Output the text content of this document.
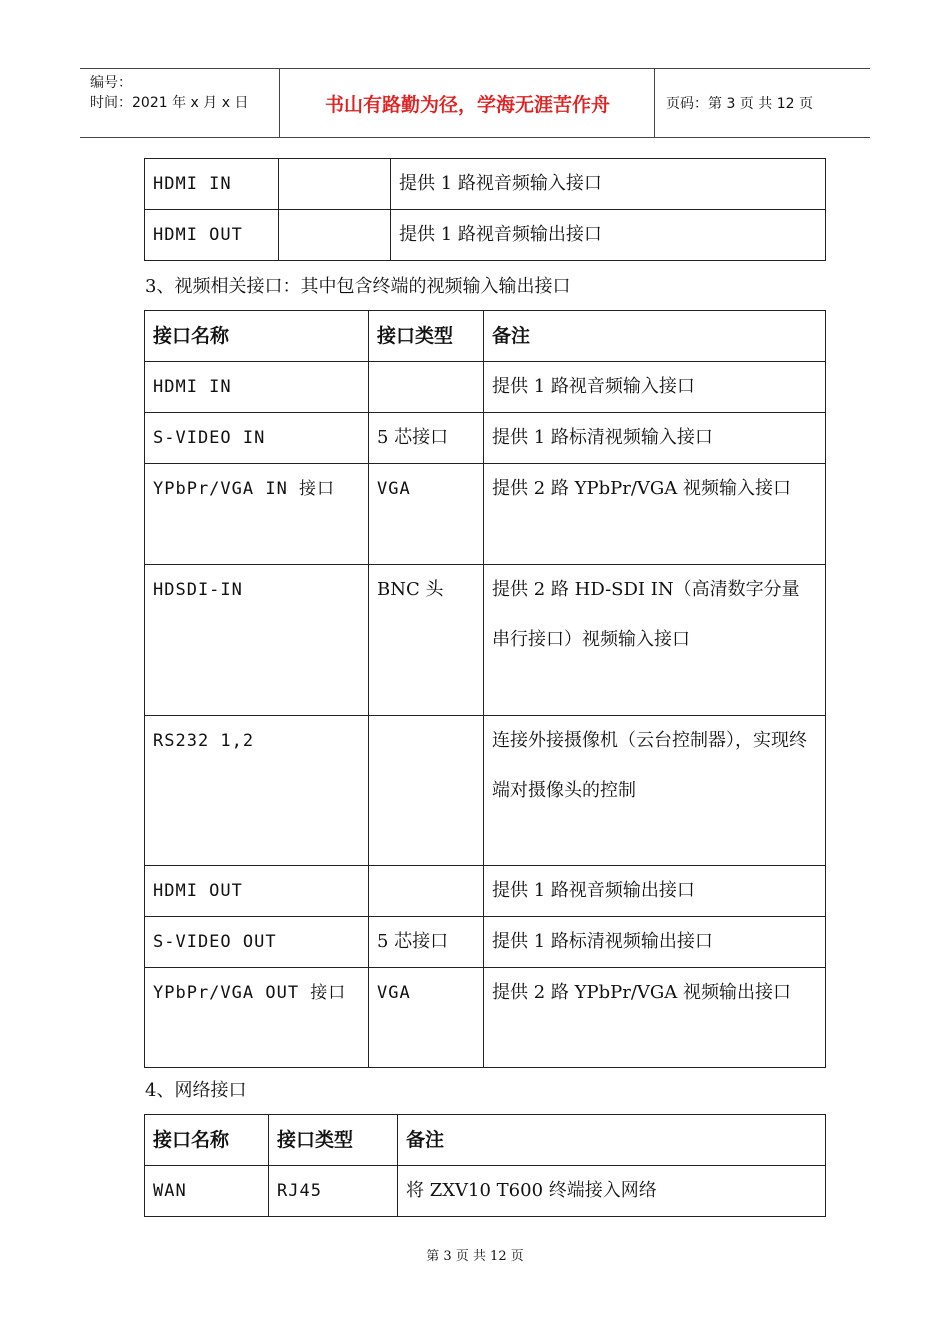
编号：
时间：2021 年 x 月 x 日	书山有路勤为径，学海无涯苦作舟	页码：第 3 页 共 12 页
HDMI IN		提供 1 路视音频输入接口
HDMI OUT		提供 1 路视音频输出接口
3、视频相关接口：其中包含终端的视频输入输出接口
接口名称	接口类型	备注
HDMI IN		提供 1 路视音频输入接口
S-VIDEO IN	5 芯接口	提供 1 路标清视频输入接口
YPbPr/VGA IN 接口	VGA	提供 2 路 YPbPr/VGA 视频输入接口
HDSDI-IN	BNC 头	提供 2 路 HD-SDI IN（高清数字分量串行接口）视频输入接口
RS232 1,2		连接外接摄像机（云台控制器），实现终端对摄像头的控制
HDMI OUT		提供 1 路视音频输出接口
S-VIDEO OUT	5 芯接口	提供 1 路标清视频输出接口
YPbPr/VGA OUT 接口	VGA	提供 2 路 YPbPr/VGA 视频输出接口
4、网络接口
接口名称	接口类型	备注
WAN	RJ45	将 ZXV10 T600 终端接入网络
第 3 页 共 12 页
